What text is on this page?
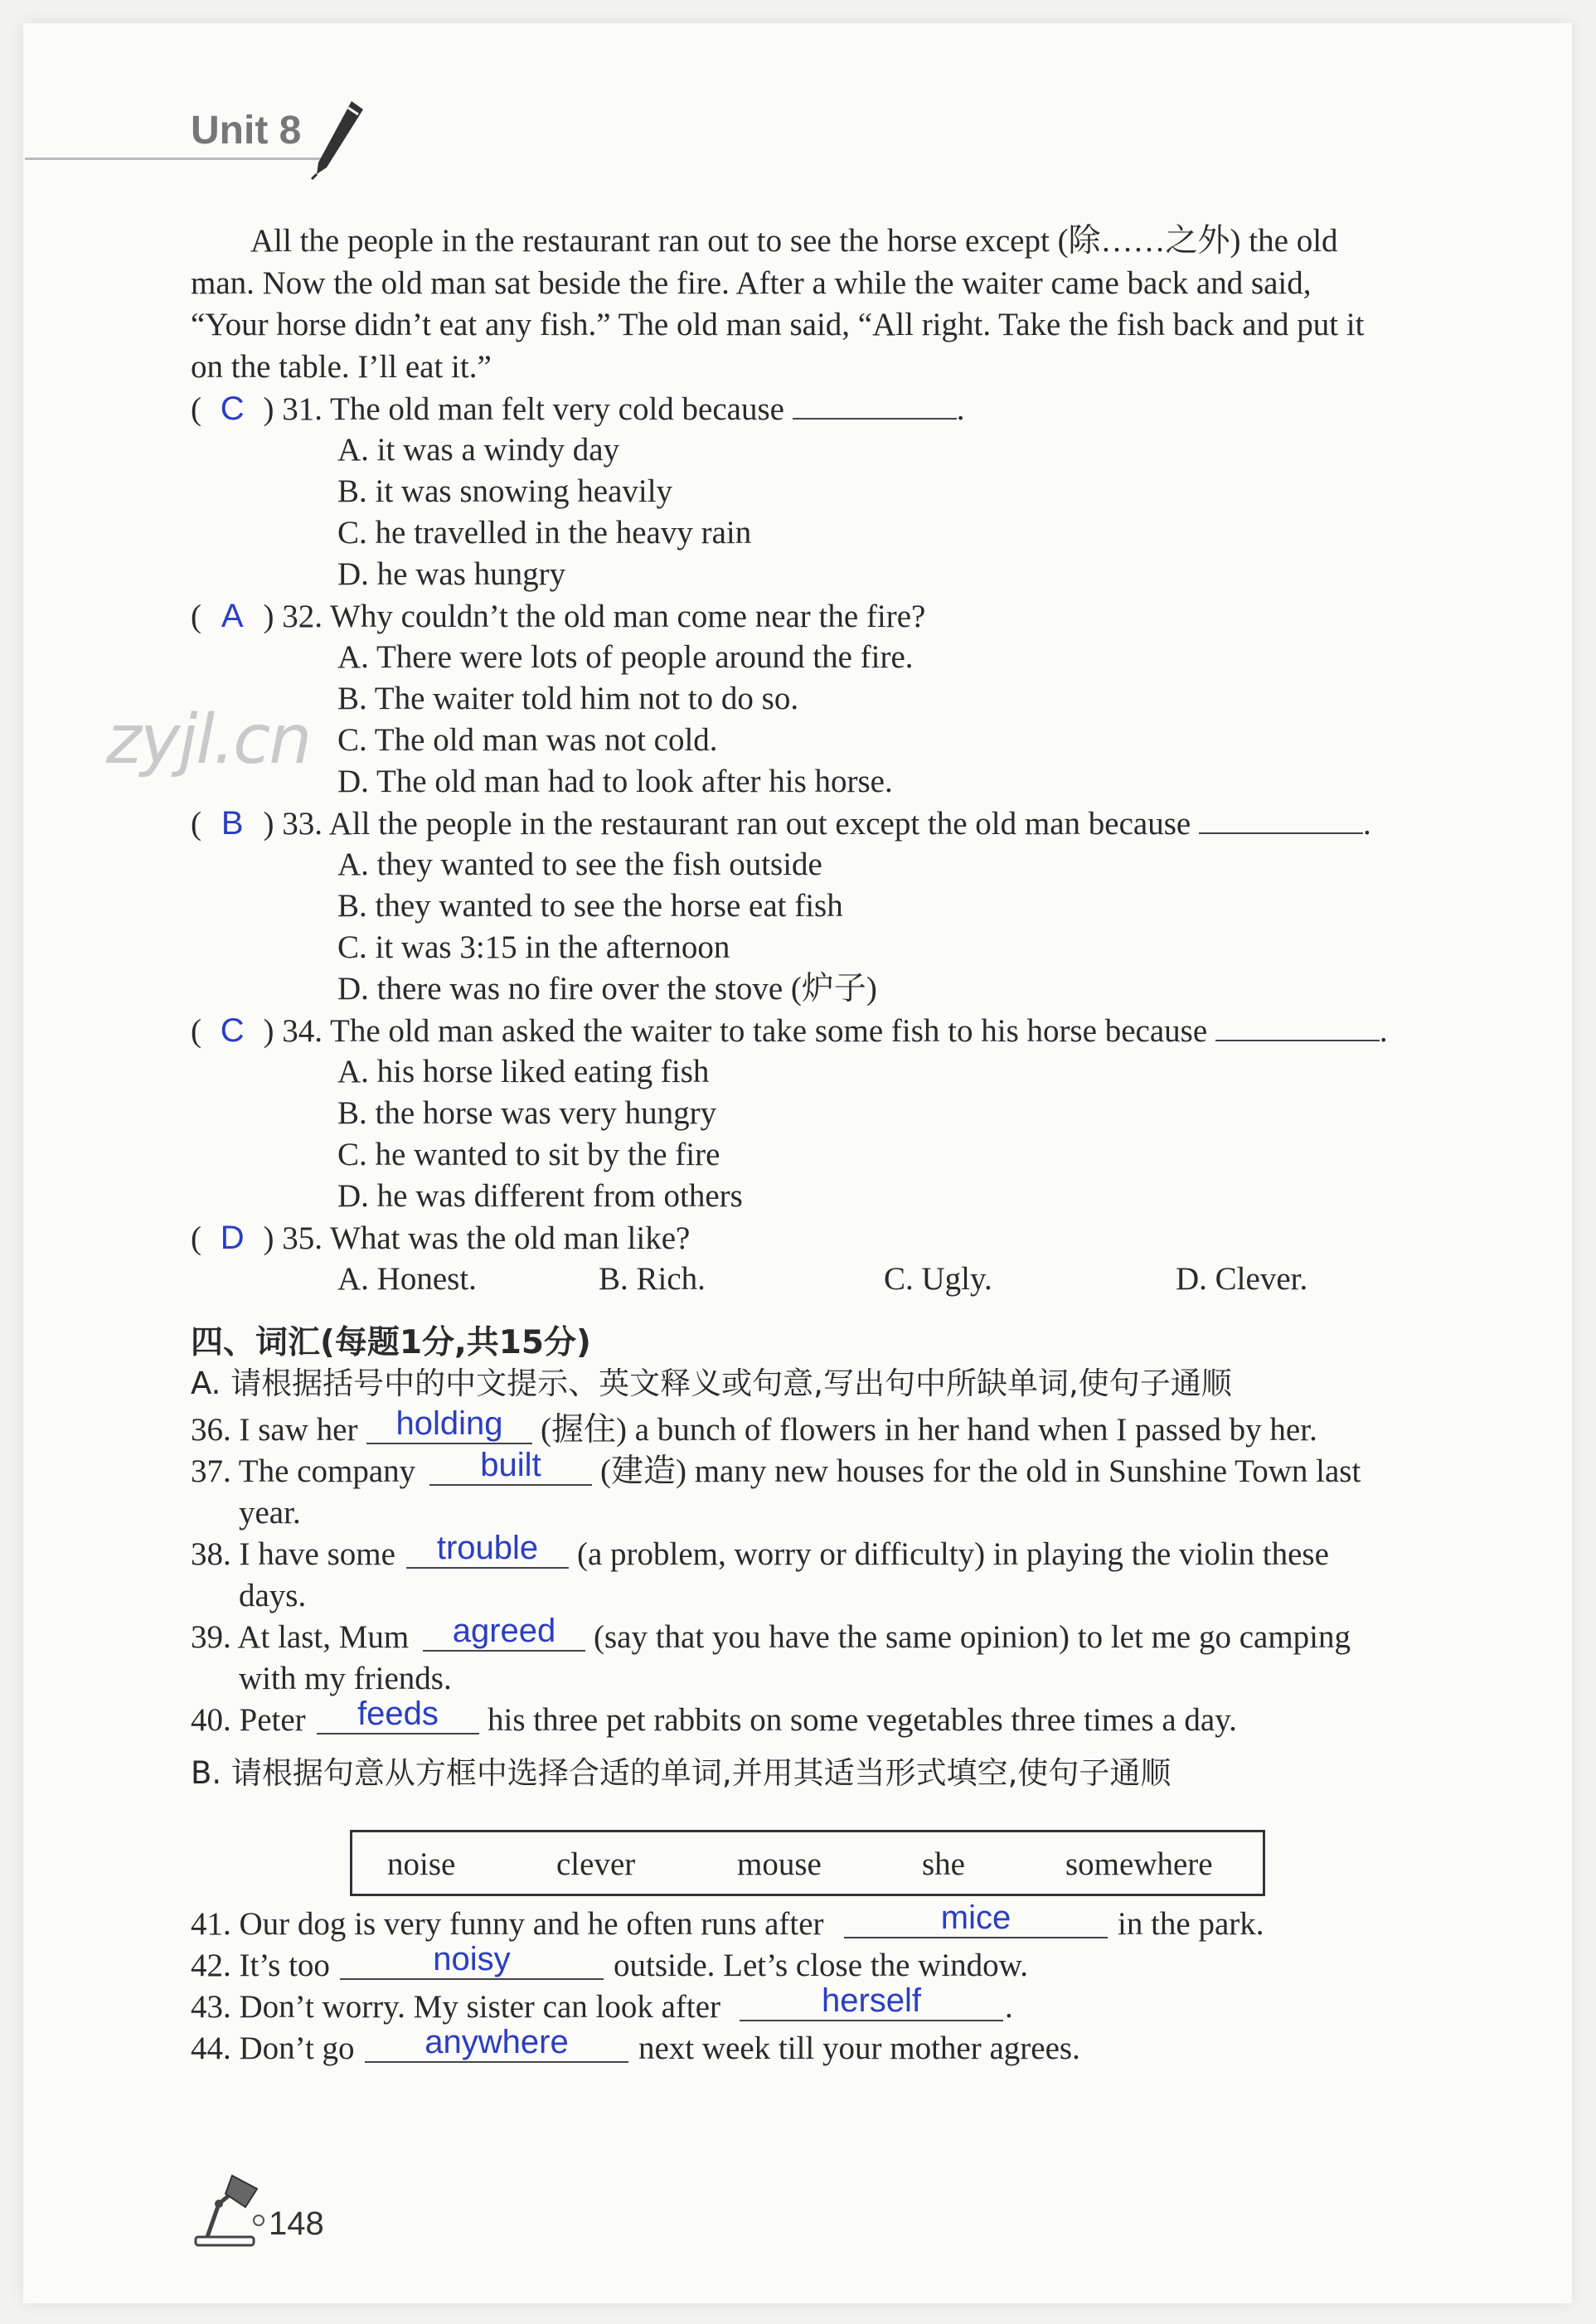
Unit 8
zyjl.cn

All the people in the restaurant ran out to see the horse except (除……之外) the old

man. Now the old man sat beside the fire. After a while the waiter came back and said,

“Your horse didn’t eat any fish.” The old man said, “All right. Take the fish back and put it

on the table. I’ll eat it.”

( C ) 31. The old man felt very cold because	.
A. it was a windy day
B. it was snowing heavily
C. he travelled in the heavy rain
D. he was hungry
( A ) 32. Why couldn’t the old man come near the fire?
A. There were lots of people around the fire.
B. The waiter told him not to do so.
C. The old man was not cold.
D. The old man had to look after his horse.
( B ) 33. All the people in the restaurant ran out except the old man because	.
A. they wanted to see the fish outside
B. they wanted to see the horse eat fish
C. it was 3:15 in the afternoon
D. there was no fire over the stove (炉子)
( C ) 34. The old man asked the waiter to take some fish to his horse because	.
A. his horse liked eating fish
B. the horse was very hungry
C. he wanted to sit by the fire
D. he was different from others
( D ) 35. What was the old man like?
A. Honest.	B. Rich.	C. Ugly.	D. Clever.
四、词汇(每题1分,共15分)
A. 请根据括号中的中文提示、英文释义或句意,写出句中所缺单词,使句子通顺
36. I saw her	holding	(握住) a bunch of flowers in her hand when I passed by her.
37. The company	built	(建造) many new houses for the old in Sunshine Town last
year.
38. I have some	trouble	(a problem, worry or difficulty) in playing the violin these
days.
39. At last, Mum	agreed	(say that you have the same opinion) to let me go camping
with my friends.
40. Peter	feeds	his three pet rabbits on some vegetables three times a day.
B. 请根据句意从方框中选择合适的单词,并用其适当形式填空,使句子通顺
noise	clever	mouse	she	somewhere
41. Our dog is very funny and he often runs after	mice	in the park.
42. It’s too	noisy	outside. Let’s close the window.
43. Don’t worry. My sister can look after	herself	.
44. Don’t go	anywhere	next week till your mother agrees.
148
